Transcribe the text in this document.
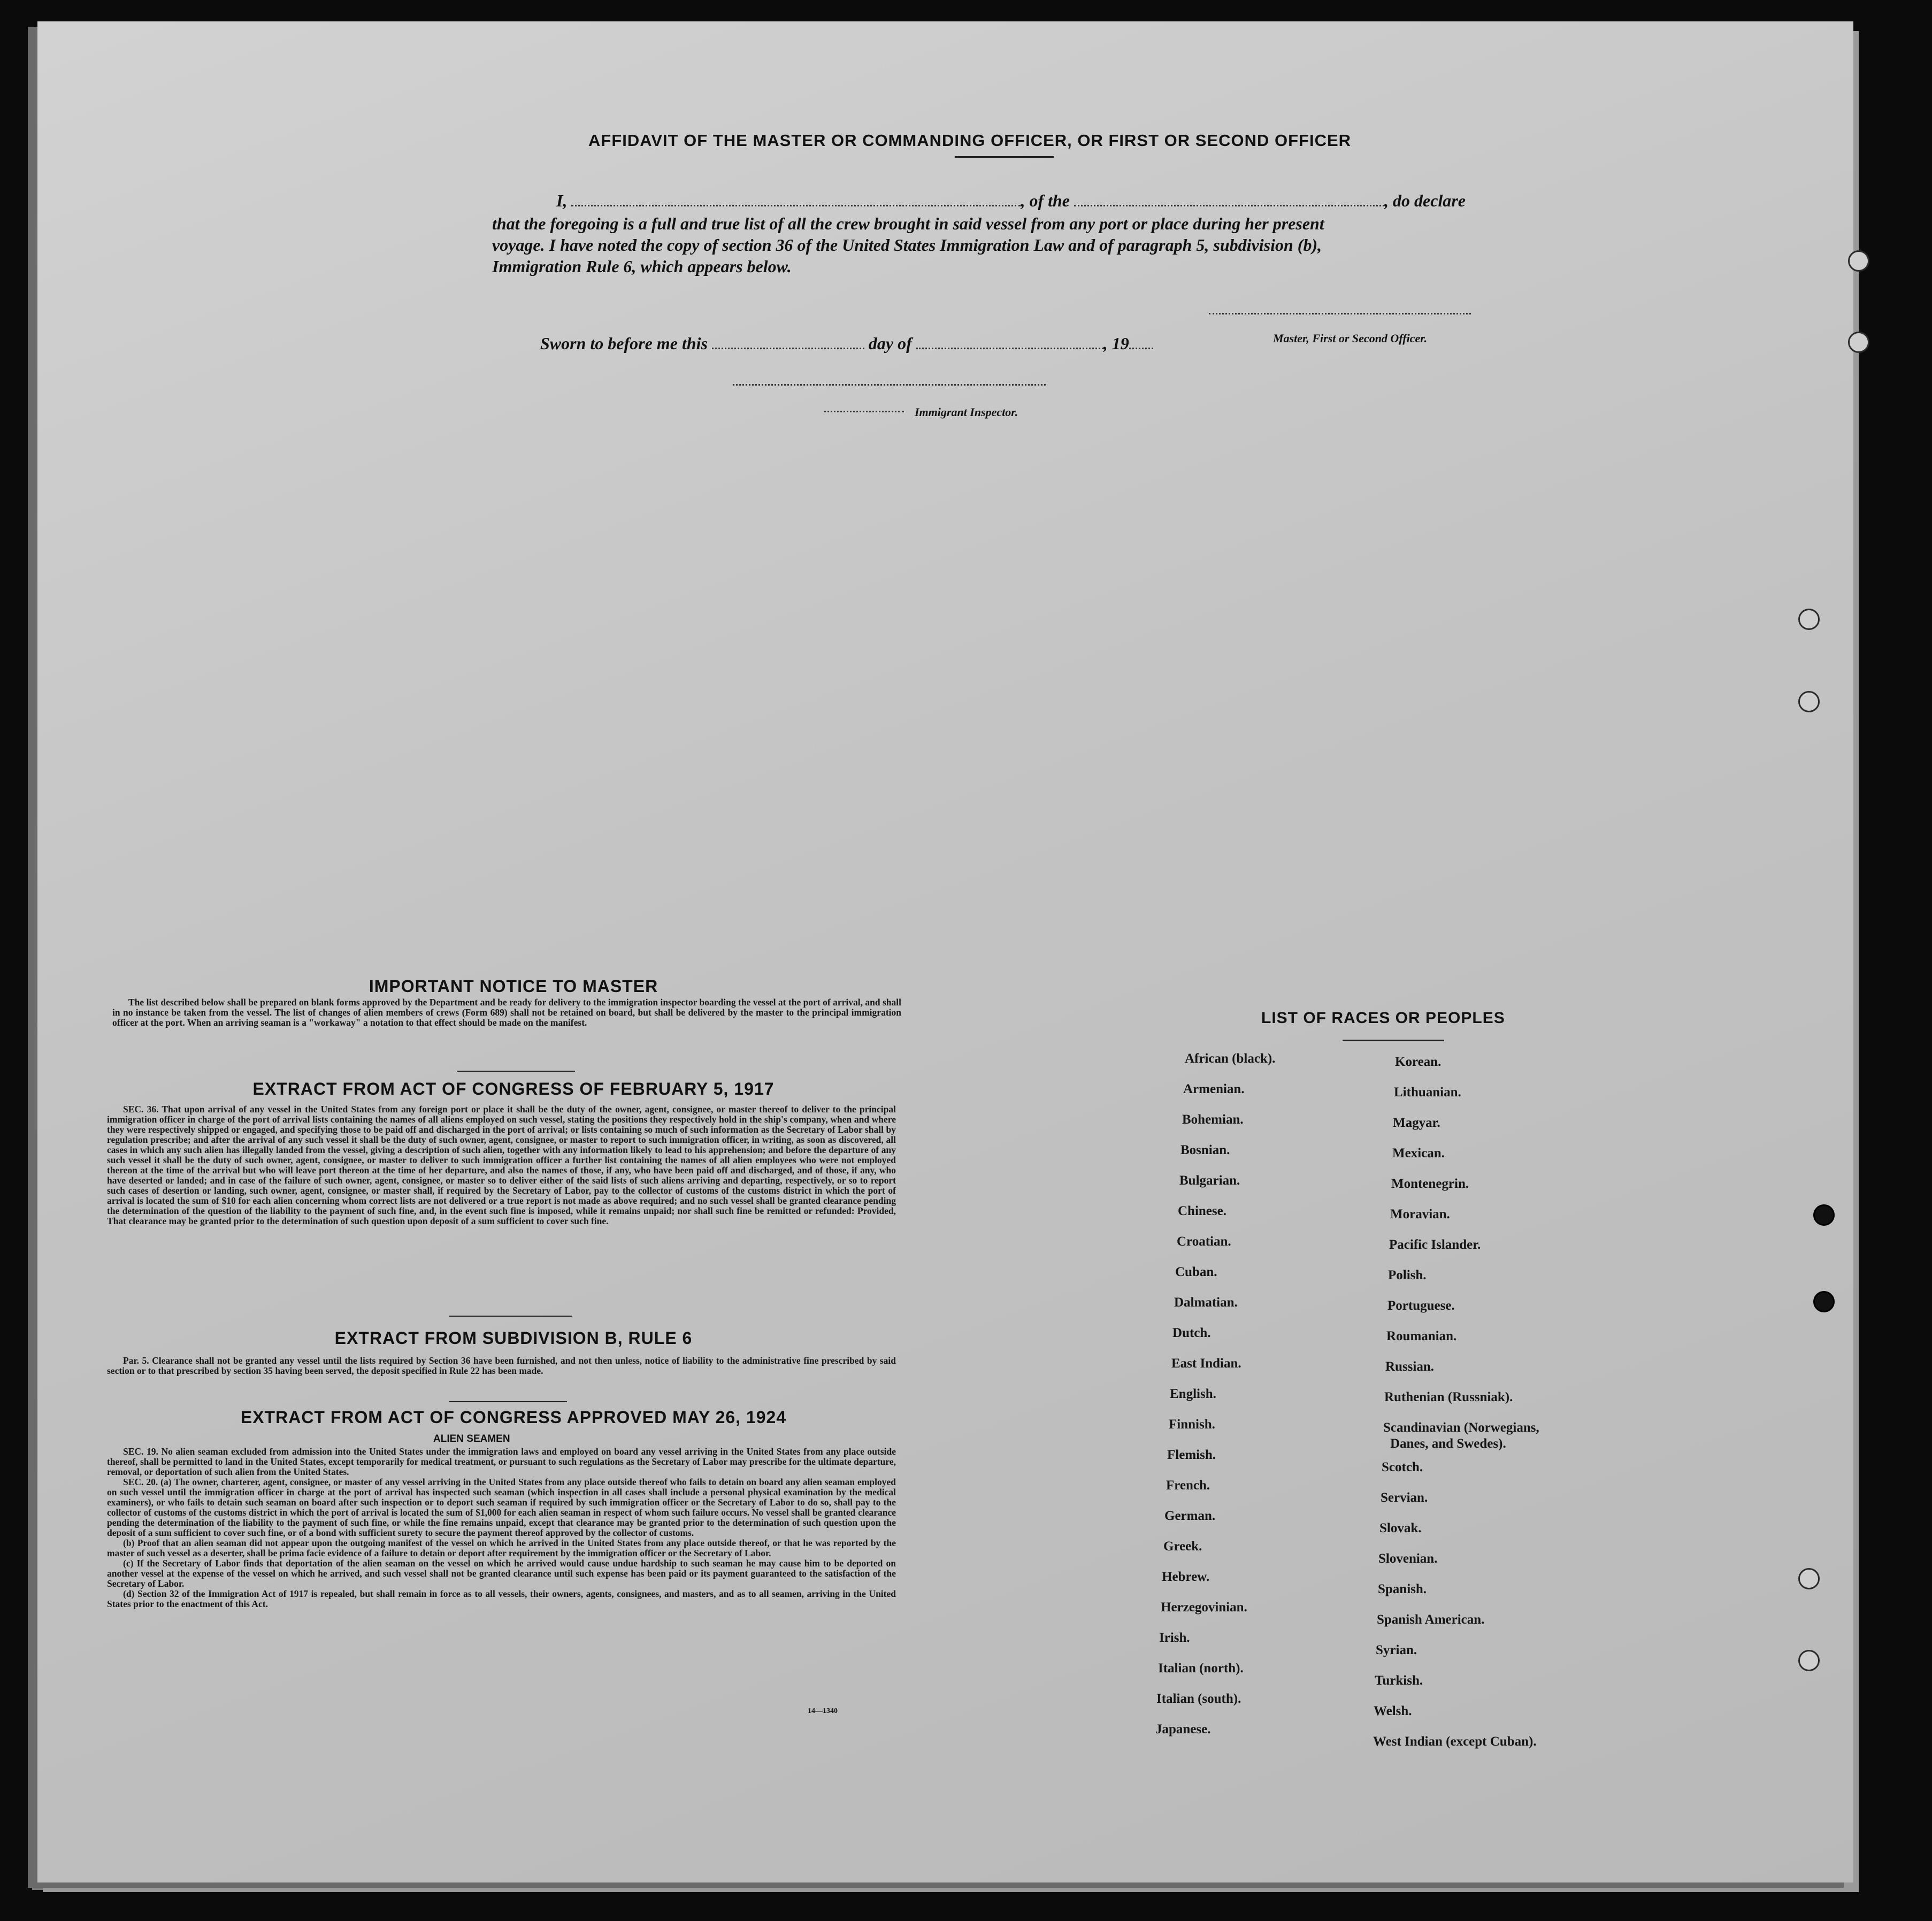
AFFIDAVIT OF THE MASTER OR COMMANDING OFFICER, OR FIRST OR SECOND OFFICER
I,	, of the	, do declare
that the foregoing is a full and true list of all the crew brought in said vessel from any port or place during her present
voyage. I have noted the copy of section 36 of the United States Immigration Law and of paragraph 5, subdivision (b),
Immigration Rule 6, which appears below.
Master, First or Second Officer.
Sworn to before me this	day of	, 19
Immigrant Inspector.
IMPORTANT NOTICE TO MASTER

The list described below shall be prepared on blank forms approved by the Department and be ready for delivery to the immigration inspector boarding the vessel at the port of arrival, and shall in no instance be taken from the vessel. The list of changes of alien members of crews (Form 689) shall not be retained on board, but shall be delivered by the master to the principal immigration officer at the port. When an arriving seaman is a "workaway" a notation to that effect should be made on the manifest.

EXTRACT FROM ACT OF CONGRESS OF FEBRUARY 5, 1917

SEC. 36. That upon arrival of any vessel in the United States from any foreign port or place it shall be the duty of the owner, agent, consignee, or master thereof to deliver to the principal immigration officer in charge of the port of arrival lists containing the names of all aliens employed on such vessel, stating the positions they respectively hold in the ship's company, when and where they were respectively shipped or engaged, and specifying those to be paid off and discharged in the port of arrival; or lists containing so much of such information as the Secretary of Labor shall by regulation prescribe; and after the arrival of any such vessel it shall be the duty of such owner, agent, consignee, or master to report to such immigration officer, in writing, as soon as discovered, all cases in which any such alien has illegally landed from the vessel, giving a description of such alien, together with any information likely to lead to his apprehension; and before the departure of any such vessel it shall be the duty of such owner, agent, consignee, or master to deliver to such immigration officer a further list containing the names of all alien employees who were not employed thereon at the time of the arrival but who will leave port thereon at the time of her departure, and also the names of those, if any, who have been paid off and discharged, and of those, if any, who have deserted or landed; and in case of the failure of such owner, agent, consignee, or master so to deliver either of the said lists of such aliens arriving and departing, respectively, or so to report such cases of desertion or landing, such owner, agent, consignee, or master shall, if required by the Secretary of Labor, pay to the collector of customs of the customs district in which the port of arrival is located the sum of $10 for each alien concerning whom correct lists are not delivered or a true report is not made as above required; and no such vessel shall be granted clearance pending the determination of the question of the liability to the payment of such fine, and, in the event such fine is imposed, while it remains unpaid; nor shall such fine be remitted or refunded: Provided, That clearance may be granted prior to the determination of such question upon deposit of a sum sufficient to cover such fine.

EXTRACT FROM SUBDIVISION B, RULE 6

Par. 5. Clearance shall not be granted any vessel until the lists required by Section 36 have been furnished, and not then unless, notice of liability to the administrative fine prescribed by said section or to that prescribed by section 35 having been served, the deposit specified in Rule 22 has been made.

EXTRACT FROM ACT OF CONGRESS APPROVED MAY 26, 1924
ALIEN SEAMEN

SEC. 19. No alien seaman excluded from admission into the United States under the immigration laws and employed on board any vessel arriving in the United States from any place outside thereof, shall be permitted to land in the United States, except temporarily for medical treatment, or pursuant to such regulations as the Secretary of Labor may prescribe for the ultimate departure, removal, or deportation of such alien from the United States.

SEC. 20. (a) The owner, charterer, agent, consignee, or master of any vessel arriving in the United States from any place outside thereof who fails to detain on board any alien seaman employed on such vessel until the immigration officer in charge at the port of arrival has inspected such seaman (which inspection in all cases shall include a personal physical examination by the medical examiners), or who fails to detain such seaman on board after such inspection or to deport such seaman if required by such immigration officer or the Secretary of Labor to do so, shall pay to the collector of customs of the customs district in which the port of arrival is located the sum of $1,000 for each alien seaman in respect of whom such failure occurs. No vessel shall be granted clearance pending the determination of the liability to the payment of such fine, or while the fine remains unpaid, except that clearance may be granted prior to the determination of such question upon the deposit of a sum sufficient to cover such fine, or of a bond with sufficient surety to secure the payment thereof approved by the collector of customs.

(b) Proof that an alien seaman did not appear upon the outgoing manifest of the vessel on which he arrived in the United States from any place outside thereof, or that he was reported by the master of such vessel as a deserter, shall be prima facie evidence of a failure to detain or deport after requirement by the immigration officer or the Secretary of Labor.

(c) If the Secretary of Labor finds that deportation of the alien seaman on the vessel on which he arrived would cause undue hardship to such seaman he may cause him to be deported on another vessel at the expense of the vessel on which he arrived, and such vessel shall not be granted clearance until such expense has been paid or its payment guaranteed to the satisfaction of the Secretary of Labor.

(d) Section 32 of the Immigration Act of 1917 is repealed, but shall remain in force as to all vessels, their owners, agents, consignees, and masters, and as to all seamen, arriving in the United States prior to the enactment of this Act.

14—1340
LIST OF RACES OR PEOPLES
African (black).
Armenian.
Bohemian.
Bosnian.
Bulgarian.
Chinese.
Croatian.
Cuban.
Dalmatian.
Dutch.
East Indian.
English.
Finnish.
Flemish.
French.
German.
Greek.
Hebrew.
Herzegovinian.
Irish.
Italian (north).
Italian (south).
Japanese.
Korean.
Lithuanian.
Magyar.
Mexican.
Montenegrin.
Moravian.
Pacific Islander.
Polish.
Portuguese.
Roumanian.
Russian.
Ruthenian (Russniak).
Scandinavian (Norwegians,
Danes, and Swedes).
Scotch.
Servian.
Slovak.
Slovenian.
Spanish.
Spanish American.
Syrian.
Turkish.
Welsh.
West Indian (except Cuban).
